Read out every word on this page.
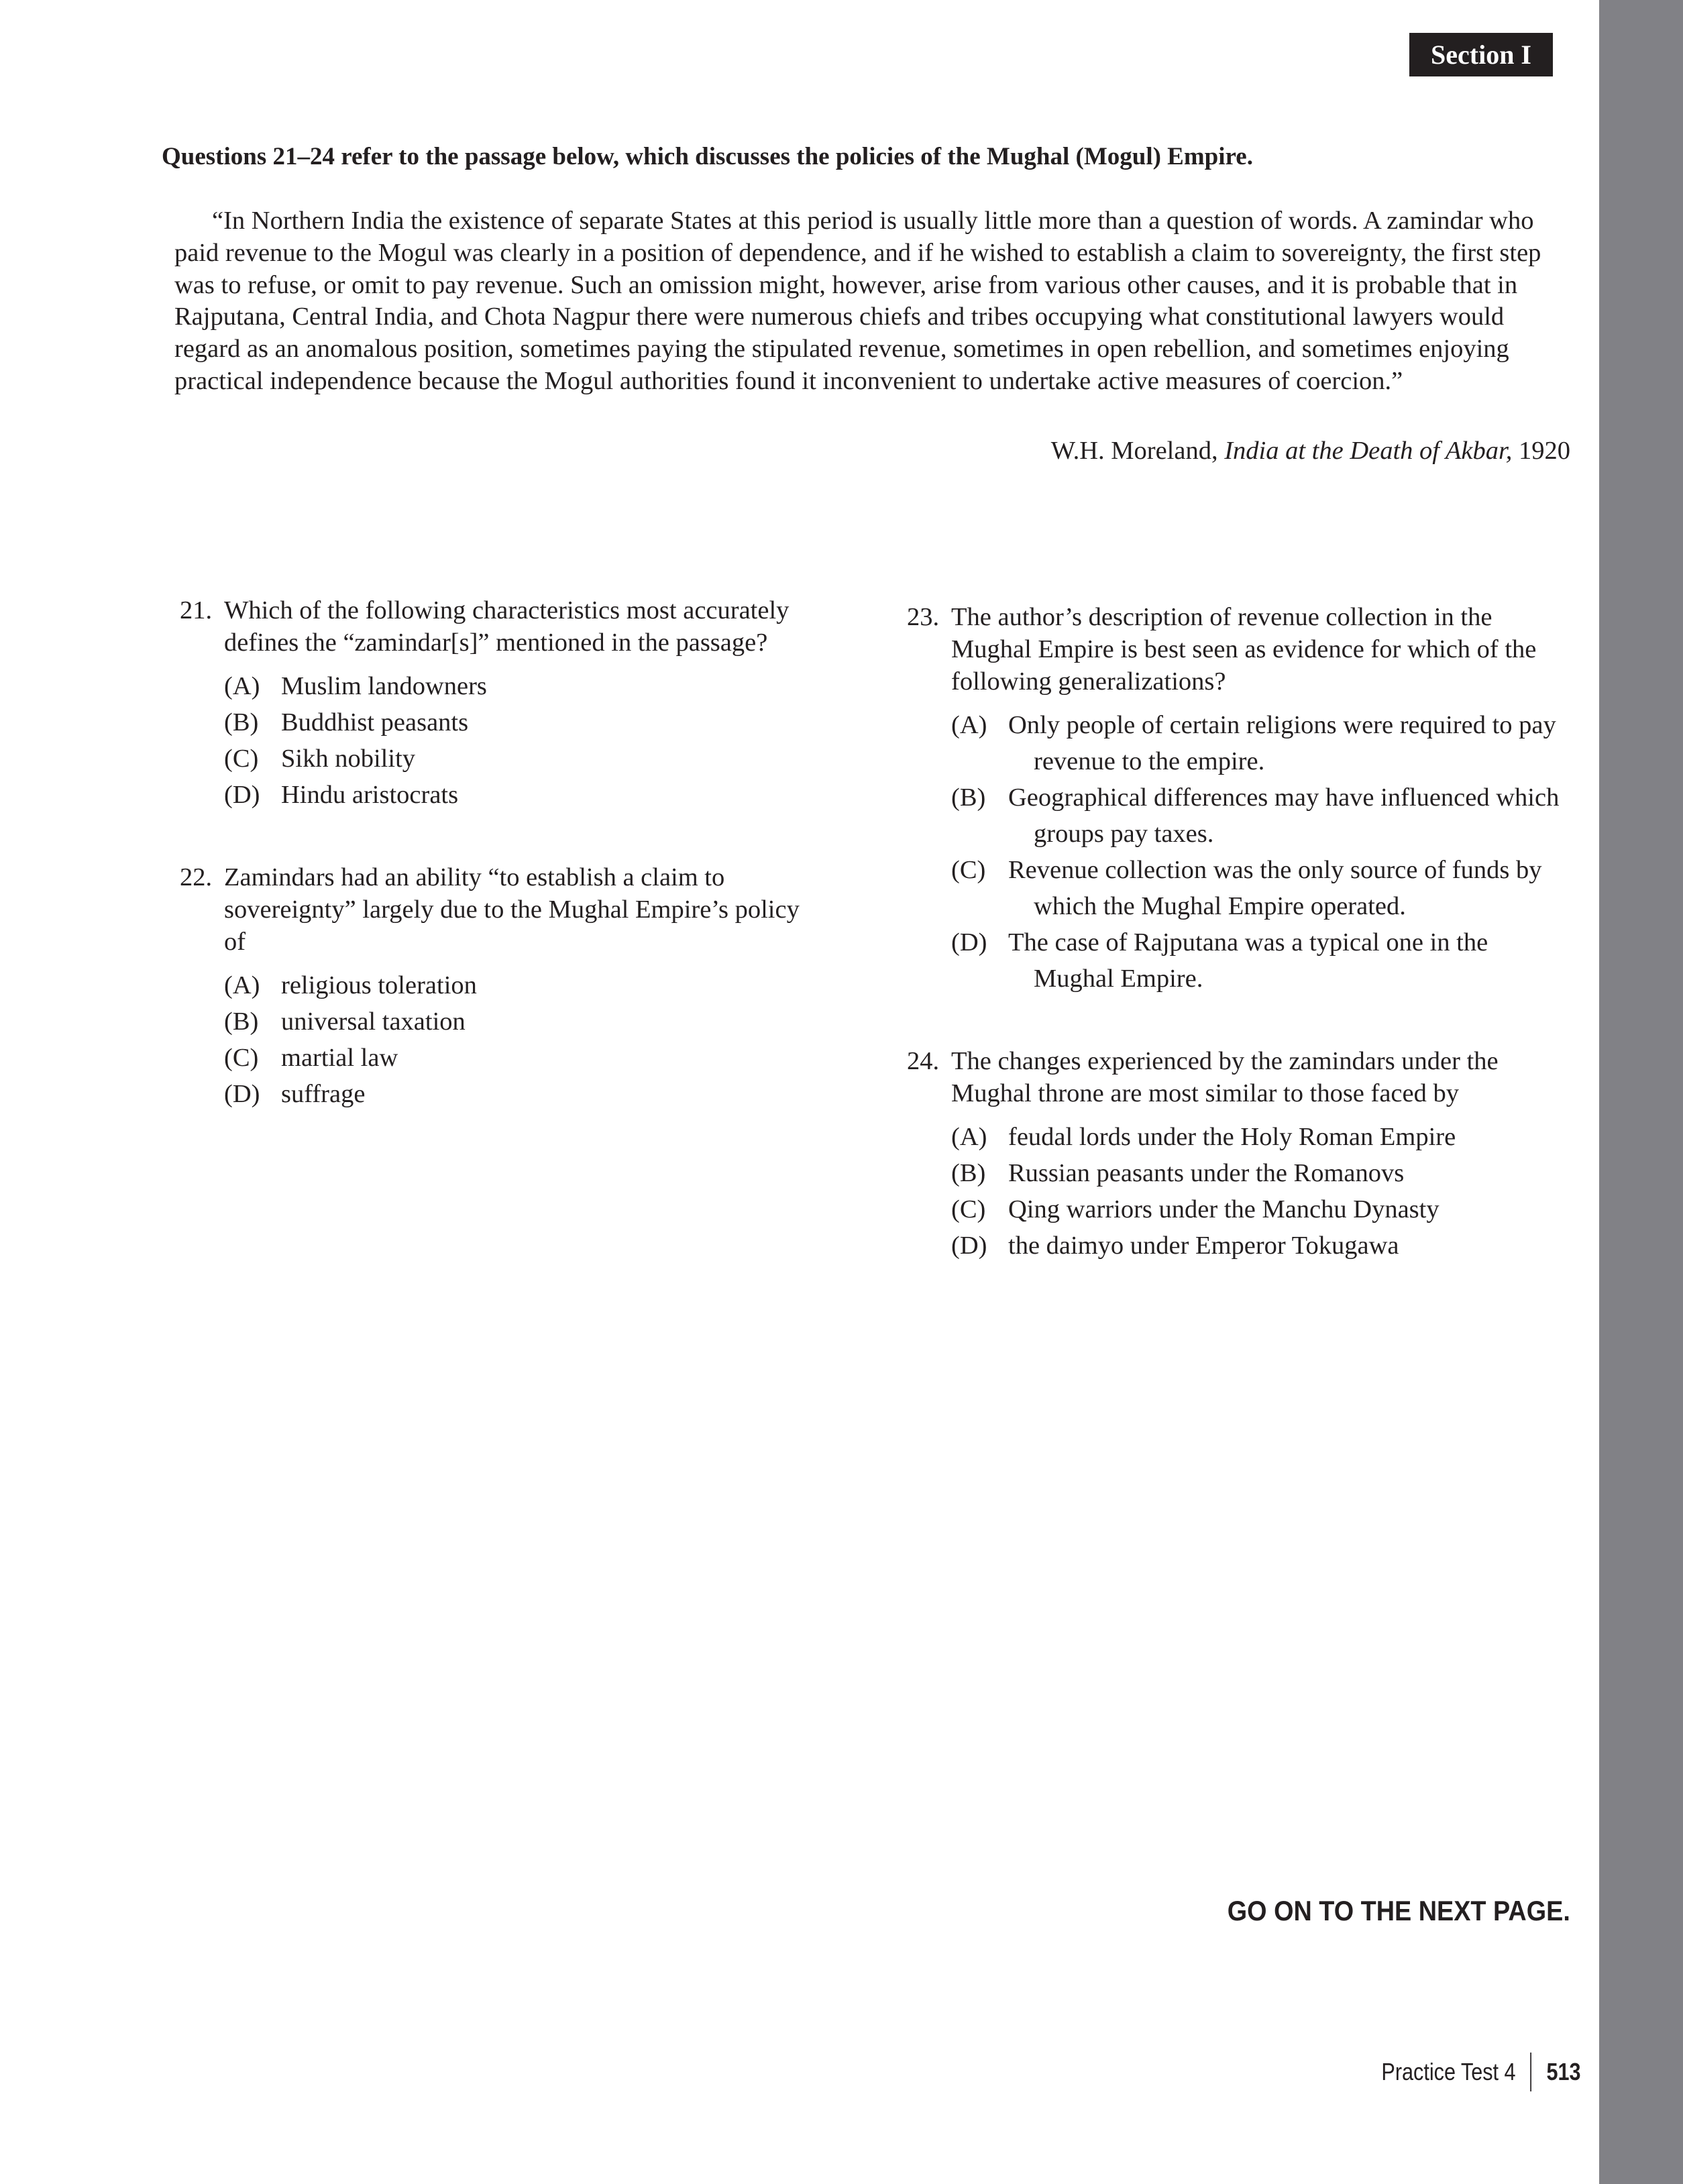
Section I
Questions 21–24 refer to the passage below, which discusses the policies of the Mughal (Mogul) Empire.
“In Northern India the existence of separate States at this period is usually little more than a question of words. A zamindar who paid revenue to the Mogul was clearly in a position of dependence, and if he wished to establish a claim to sovereignty, the first step was to refuse, or omit to pay revenue. Such an omission might, however, arise from various other causes, and it is probable that in Rajputana, Central India, and Chota Nagpur there were numerous chiefs and tribes occupying what constitutional lawyers would regard as an anomalous position, sometimes paying the stipulated revenue, sometimes in open rebellion, and sometimes enjoying practical independence because the Mogul authorities found it inconvenient to undertake active measures of coercion.”
W.H. Moreland, India at the Death of Akbar, 1920
21. Which of the following characteristics most accurately defines the “zamindar[s]” mentioned in the passage?
(A) Muslim landowners
(B) Buddhist peasants
(C) Sikh nobility
(D) Hindu aristocrats
22. Zamindars had an ability “to establish a claim to sovereignty” largely due to the Mughal Empire’s policy of
(A) religious toleration
(B) universal taxation
(C) martial law
(D) suffrage
23. The author’s description of revenue collection in the Mughal Empire is best seen as evidence for which of the following generalizations?
(A) Only people of certain religions were required to pay revenue to the empire.
(B) Geographical differences may have influenced which groups pay taxes.
(C) Revenue collection was the only source of funds by which the Mughal Empire operated.
(D) The case of Rajputana was a typical one in the Mughal Empire.
24. The changes experienced by the zamindars under the Mughal throne are most similar to those faced by
(A) feudal lords under the Holy Roman Empire
(B) Russian peasants under the Romanovs
(C) Qing warriors under the Manchu Dynasty
(D) the daimyo under Emperor Tokugawa
GO ON TO THE NEXT PAGE.
Practice Test 4 513
